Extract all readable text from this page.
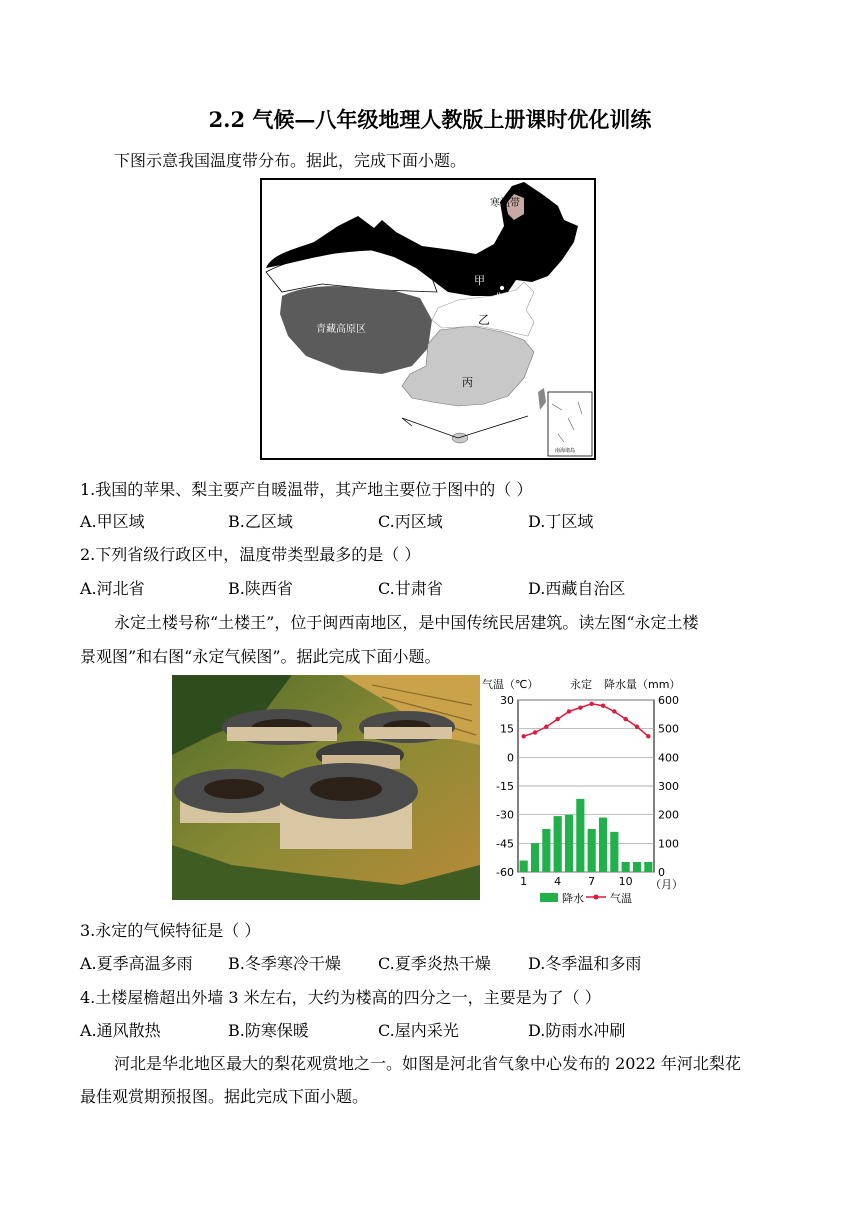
2.2 气候—八年级地理人教版上册课时优化训练
下图示意我国温度带分布。据此，完成下面小题。
寒温带
甲
北京
乙
青藏高原区
丙
南海诸岛
1.我国的苹果、梨主要产自暖温带，其产地主要位于图中的（ ）
A.甲区域	B.乙区域	C.丙区域	D.丁区域
2.下列省级行政区中，温度带类型最多的是（ ）
A.河北省	B.陕西省	C.甘肃省	D.西藏自治区
永定土楼号称“土楼王”，位于闽西南地区，是中国传统民居建筑。读左图“永定土楼
景观图”和右图“永定气候图”。据此完成下面小题。
气温（℃）	永定 降水量（mm）
30
15
0
-15
-30
-45
-60
600
500
400
300
200
100
0
1 4 7 10 （月）
降水 气温
3.永定的气候特征是（ ）
A.夏季高温多雨 B.冬季寒冷干燥 C.夏季炎热干燥 D.冬季温和多雨
4.土楼屋檐超出外墙 3 米左右，大约为楼高的四分之一，主要是为了（ ）
A.通风散热	B.防寒保暖	C.屋内采光	D.防雨水冲刷
河北是华北地区最大的梨花观赏地之一。如图是河北省气象中心发布的 2022 年河北梨花
最佳观赏期预报图。据此完成下面小题。
